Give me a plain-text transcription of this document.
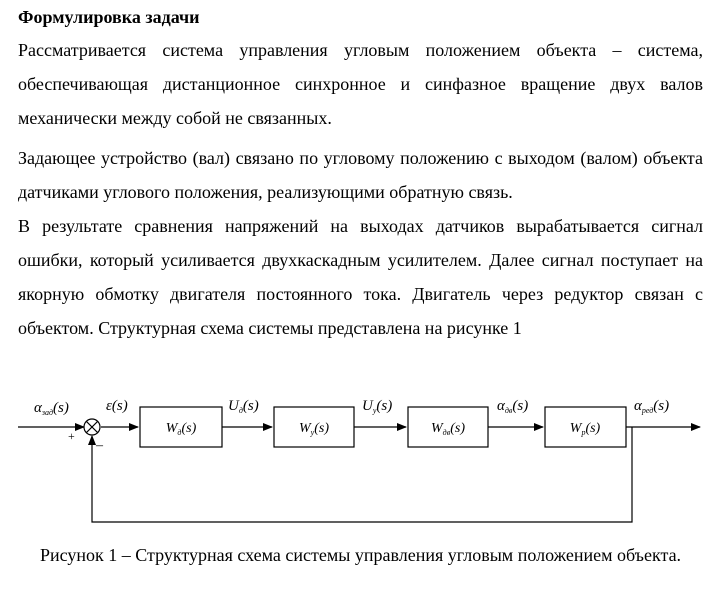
Формулировка задачи

Рассматривается система управления угловым положением объекта – система, обеспечивающая дистанционное синхронное и синфазное вращение двух валов механически между собой не связанных.

Задающее устройство (вал) связано по угловому положению с выходом (валом) объекта датчиками углового положения, реализующими обратную связь.

В результате сравнения напряжений на выходах датчиков вырабатывается сигнал ошибки, который усиливается двухкаскадным усилителем. Далее сигнал поступает на якорную обмотку двигателя постоянного тока. Двигатель через редуктор связан с объектом. Структурная схема системы представлена на рисунке 1

+
–
$W_д(s)$	$W_у(s)$	$W_{дв}(s)$	$W_р(s)$
$\alpha_{зад}(s)$ ε(s)	$U_д(s)$	$U_у(s)$	$\alpha_{дв}(s)$	$\alpha_{ред}(s)$
Рисунок 1 – Структурная схема системы управления угловым положением объекта.
